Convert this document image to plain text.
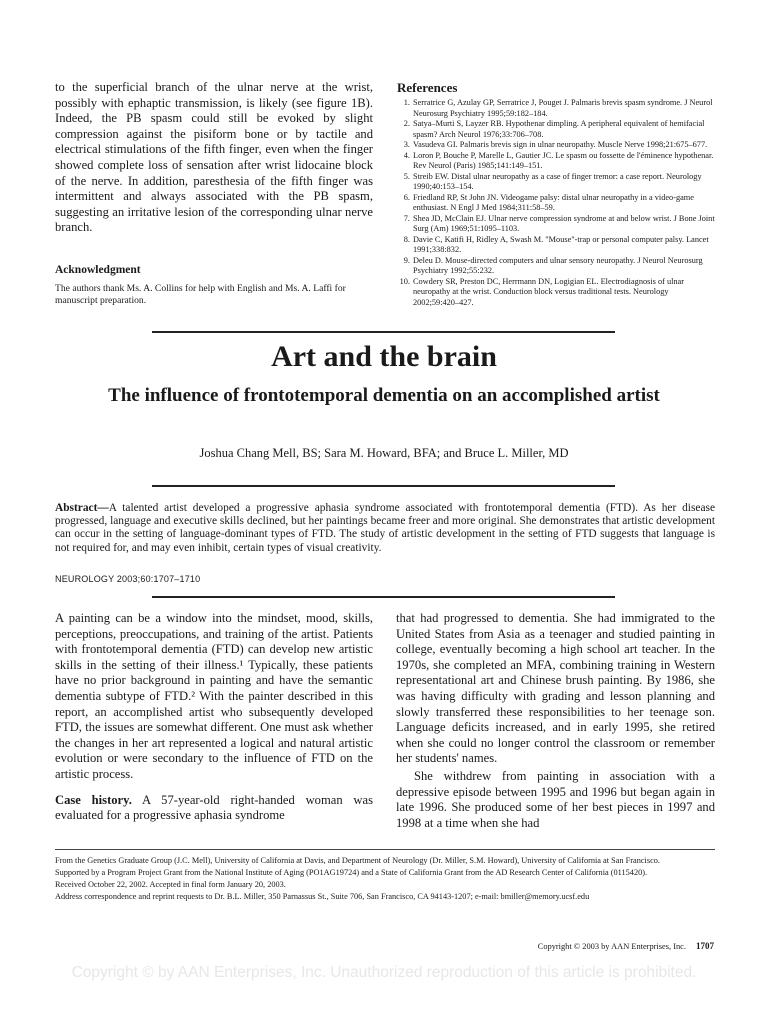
to the superficial branch of the ulnar nerve at the wrist, possibly with ephaptic transmission, is likely (see figure 1B). Indeed, the PB spasm could still be evoked by slight compression against the pisiform bone or by tactile and electrical stimulations of the fifth finger, even when the finger showed complete loss of sensation after wrist lidocaine block of the nerve. In addition, paresthesia of the fifth finger was intermittent and always associated with the PB spasm, suggesting an irritative lesion of the corresponding ulnar nerve branch.

Acknowledgment
The authors thank Ms. A. Collins for help with English and Ms. A. Laffi for manuscript preparation.
References
1. Serratrice G, Azulay GP, Serratrice J, Pouget J. Palmaris brevis spasm syndrome. J Neurol Neurosurg Psychiatry 1995;59:182–184.
2. Satya–Murti S, Layzer RB. Hypothenar dimpling. A peripheral equivalent of hemifacial spasm? Arch Neurol 1976;33:706–708.
3. Vasudeva GI. Palmaris brevis sign in ulnar neuropathy. Muscle Nerve 1998;21:675–677.
4. Loron P, Bouche P, Marelle L, Gautier JC. Le spasm ou fossette de l'éminence hypothenar. Rev Neurol (Paris) 1985;141:149–151.
5. Streib EW. Distal ulnar neuropathy as a case of finger tremor: a case report. Neurology 1990;40:153–154.
6. Friedland RP, St John JN. Videogame palsy: distal ulnar neuropathy in a video-game enthusiast. N Engl J Med 1984;311:58–59.
7. Shea JD, McClain EJ. Ulnar nerve compression syndrome at and below wrist. J Bone Joint Surg (Am) 1969;51:1095–1103.
8. Davie C, Katifi H, Ridley A, Swash M. "Mouse"-trap or personal computer palsy. Lancet 1991;338:832.
9. Deleu D. Mouse-directed computers and ulnar sensory neuropathy. J Neurol Neurosurg Psychiatry 1992;55:232.
10. Cowdery SR, Preston DC, Herrmann DN, Logigian EL. Electrodiagnosis of ulnar neuropathy at the wrist. Conduction block versus traditional tests. Neurology 2002;59:420–427.
Art and the brain
The influence of frontotemporal dementia on an accomplished artist
Joshua Chang Mell, BS; Sara M. Howard, BFA; and Bruce L. Miller, MD
Abstract—A talented artist developed a progressive aphasia syndrome associated with frontotemporal dementia (FTD). As her disease progressed, language and executive skills declined, but her paintings became freer and more original. She demonstrates that artistic development can occur in the setting of language-dominant types of FTD. The study of artistic development in the setting of FTD suggests that language is not required for, and may even inhibit, certain types of visual creativity.
NEUROLOGY 2003;60:1707–1710

A painting can be a window into the mindset, mood, skills, perceptions, preoccupations, and training of the artist. Patients with frontotemporal dementia (FTD) can develop new artistic skills in the setting of their illness.¹ Typically, these patients have no prior background in painting and have the semantic dementia subtype of FTD.² With the painter described in this report, an accomplished artist who subsequently developed FTD, the issues are somewhat different. One must ask whether the changes in her art represented a logical and natural artistic evolution or were secondary to the influence of FTD on the artistic process.

Case history. A 57-year-old right-handed woman was evaluated for a progressive aphasia syndrome

that had progressed to dementia. She had immigrated to the United States from Asia as a teenager and studied painting in college, eventually becoming a high school art teacher. In the 1970s, she completed an MFA, combining training in Western representational art and Chinese brush painting. By 1986, she was having difficulty with grading and lesson planning and slowly transferred these responsibilities to her teenage son. Language deficits increased, and in early 1995, she retired when she could no longer control the classroom or remember her students' names.

She withdrew from painting in association with a depressive episode between 1995 and 1996 but began again in late 1996. She produced some of her best pieces in 1997 and 1998 at a time when she had

From the Genetics Graduate Group (J.C. Mell), University of California at Davis, and Department of Neurology (Dr. Miller, S.M. Howard), University of California at San Francisco.

Supported by a Program Project Grant from the National Institute of Aging (PO1AG19724) and a State of California Grant from the AD Research Center of California (0115420).

Received October 22, 2002. Accepted in final form January 20, 2003.

Address correspondence and reprint requests to Dr. B.L. Miller, 350 Parnassus St., Suite 706, San Francisco, CA 94143-1207; e-mail: bmiller@memory.ucsf.edu

Copyright © 2003 by AAN Enterprises, Inc. 1707
Copyright © by AAN Enterprises, Inc. Unauthorized reproduction of this article is prohibited.
